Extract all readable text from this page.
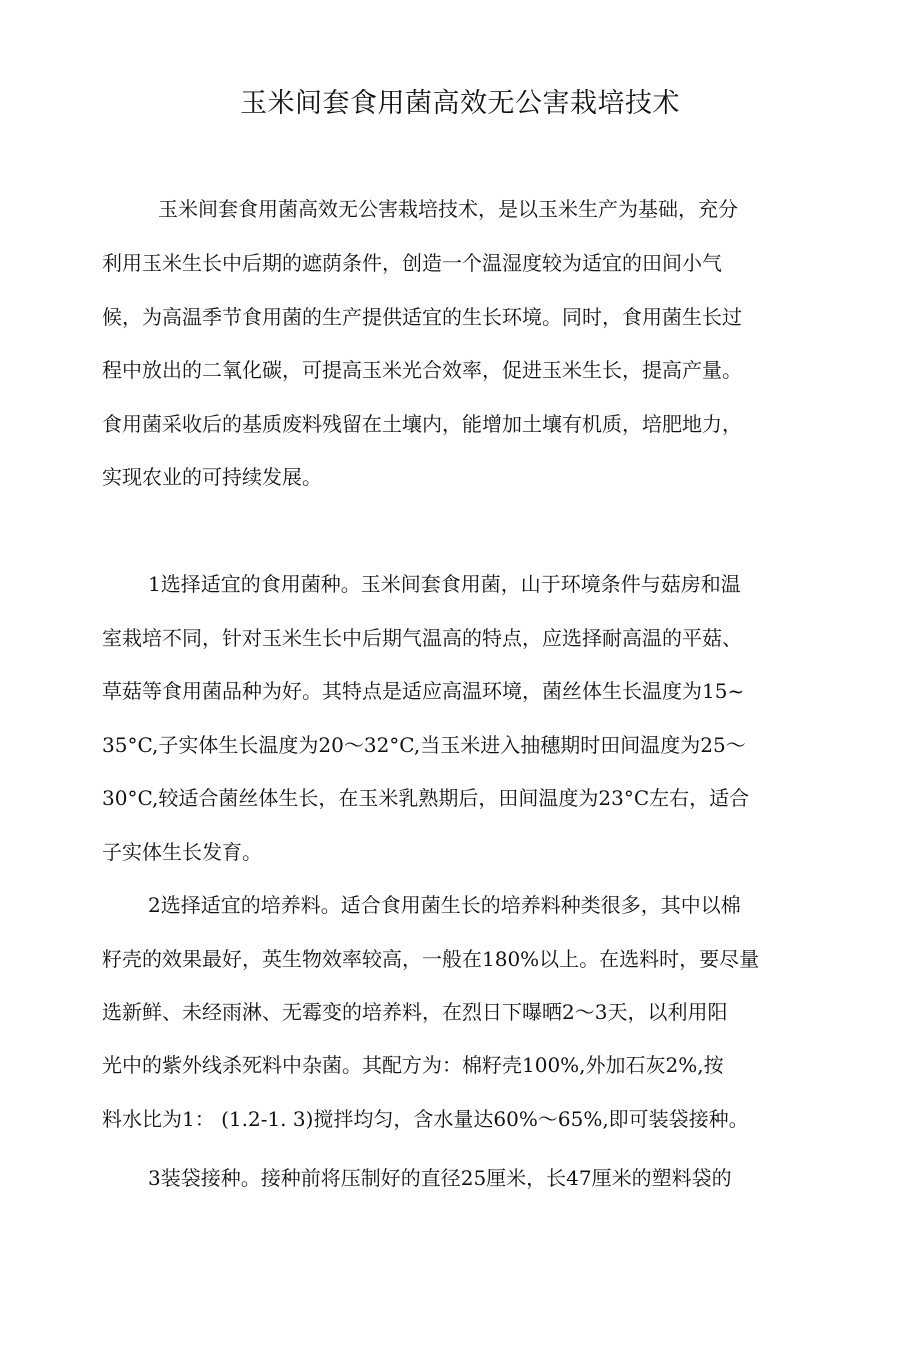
玉米间套食用菌高效无公害栽培技术
玉米间套食用菌高效无公害栽培技术，是以玉米生产为基础，充分
利用玉米生长中后期的遮荫条件，创造一个温湿度较为适宜的田间小气
候，为高温季节食用菌的生产提供适宜的生长环境。同时，食用菌生长过
程中放出的二氧化碳，可提高玉米光合效率，促进玉米生长，提高产量。
食用菌采收后的基质废料残留在土壤内，能增加土壤有机质，培肥地力，
实现农业的可持续发展。
1选择适宜的食用菌种。玉米间套食用菌，山于环境条件与菇房和温
室栽培不同，针对玉米生长中后期气温高的特点，应选择耐高温的平菇、
草菇等食用菌品种为好。其特点是适应高温环境，菌丝体生长温度为15~
35°C,子实体生长温度为20～32°C,当玉米进入抽穗期时田间温度为25～
30°C,较适合菌丝体生长，在玉米乳熟期后，田间温度为23°C左右，适合
子实体生长发育。
2选择适宜的培养料。适合食用菌生长的培养料种类很多，其中以棉
籽壳的效果最好，英生物效率较高，一般在180%以上。在选料时，要尽量
选新鲜、未经雨淋、无霉变的培养料，在烈日下曝晒2～3天，以利用阳
光中的紫外线杀死料中杂菌。其配方为：棉籽壳100%,外加石灰2%,按
料水比为1： (1.2-1. 3)搅拌均匀，含水量达60%～65%,即可装袋接种。
3装袋接种。接种前将压制好的直径25厘米，长47厘米的塑料袋的
